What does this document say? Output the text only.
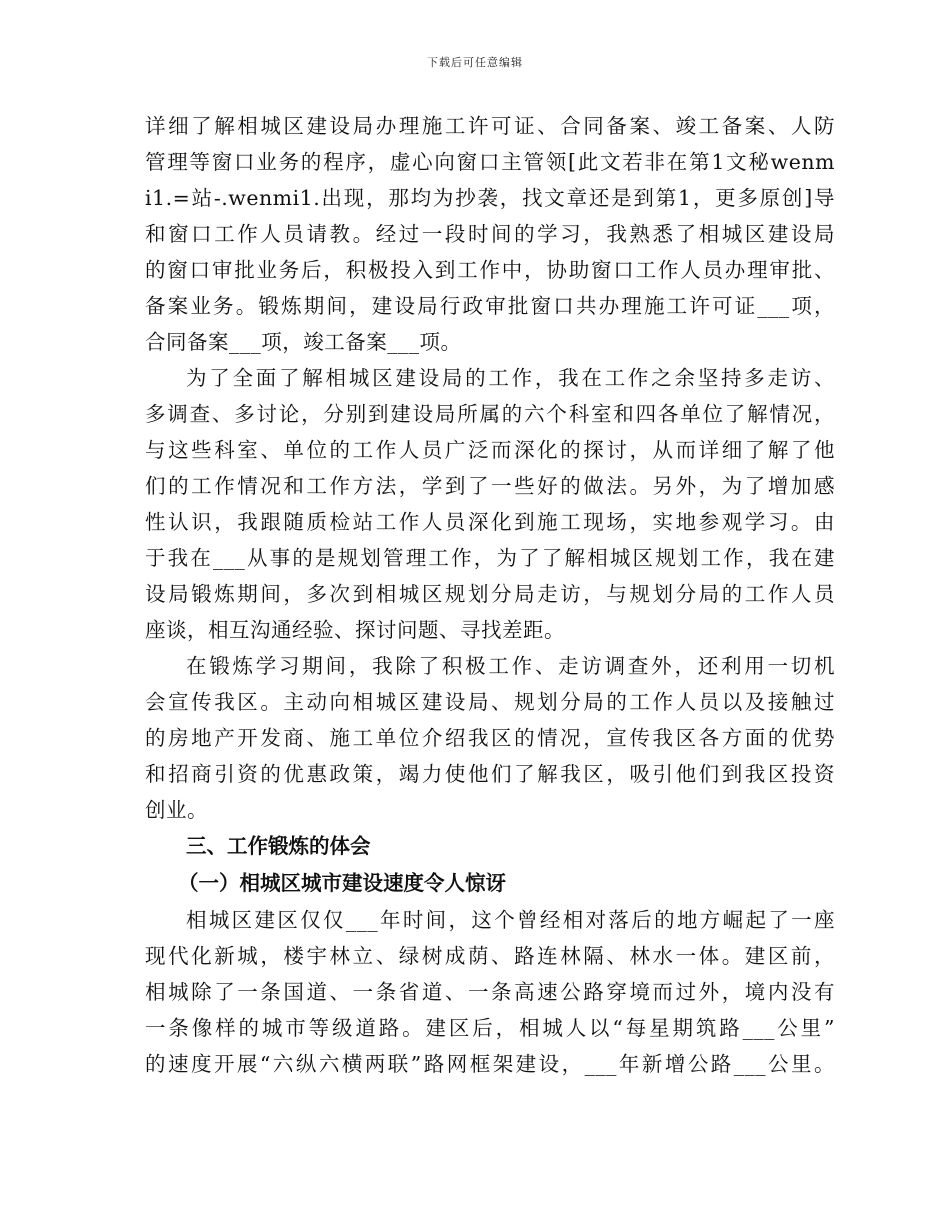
下载后可任意编辑
详细了解相城区建设局办理施工许可证、合同备案、竣工备案、人防
管理等窗口业务的程序，虚心向窗口主管领[此文若非在第1文秘wenm
i1.=站-.wenmi1.出现，那均为抄袭，找文章还是到第1，更多原创]导
和窗口工作人员请教。经过一段时间的学习，我熟悉了相城区建设局
的窗口审批业务后，积极投入到工作中，协助窗口工作人员办理审批、
备案业务。锻炼期间，建设局行政审批窗口共办理施工许可证___项，
合同备案___项，竣工备案___项。
为了全面了解相城区建设局的工作，我在工作之余坚持多走访、
多调查、多讨论，分别到建设局所属的六个科室和四各单位了解情况，
与这些科室、单位的工作人员广泛而深化的探讨，从而详细了解了他
们的工作情况和工作方法，学到了一些好的做法。另外，为了增加感
性认识，我跟随质检站工作人员深化到施工现场，实地参观学习。由
于我在___从事的是规划管理工作，为了了解相城区规划工作，我在建
设局锻炼期间，多次到相城区规划分局走访，与规划分局的工作人员
座谈，相互沟通经验、探讨问题、寻找差距。
在锻炼学习期间，我除了积极工作、走访调查外，还利用一切机
会宣传我区。主动向相城区建设局、规划分局的工作人员以及接触过
的房地产开发商、施工单位介绍我区的情况，宣传我区各方面的优势
和招商引资的优惠政策，竭力使他们了解我区，吸引他们到我区投资
创业。
三、工作锻炼的体会
（一）相城区城市建设速度令人惊讶
相城区建区仅仅___年时间，这个曾经相对落后的地方崛起了一座
现代化新城，楼宇林立、绿树成荫、路连林隔、林水一体。建区前，
相城除了一条国道、一条省道、一条高速公路穿境而过外，境内没有
一条像样的城市等级道路。建区后，相城人以“每星期筑路___公里”
的速度开展“六纵六横两联”路网框架建设，___年新增公路___公里。
